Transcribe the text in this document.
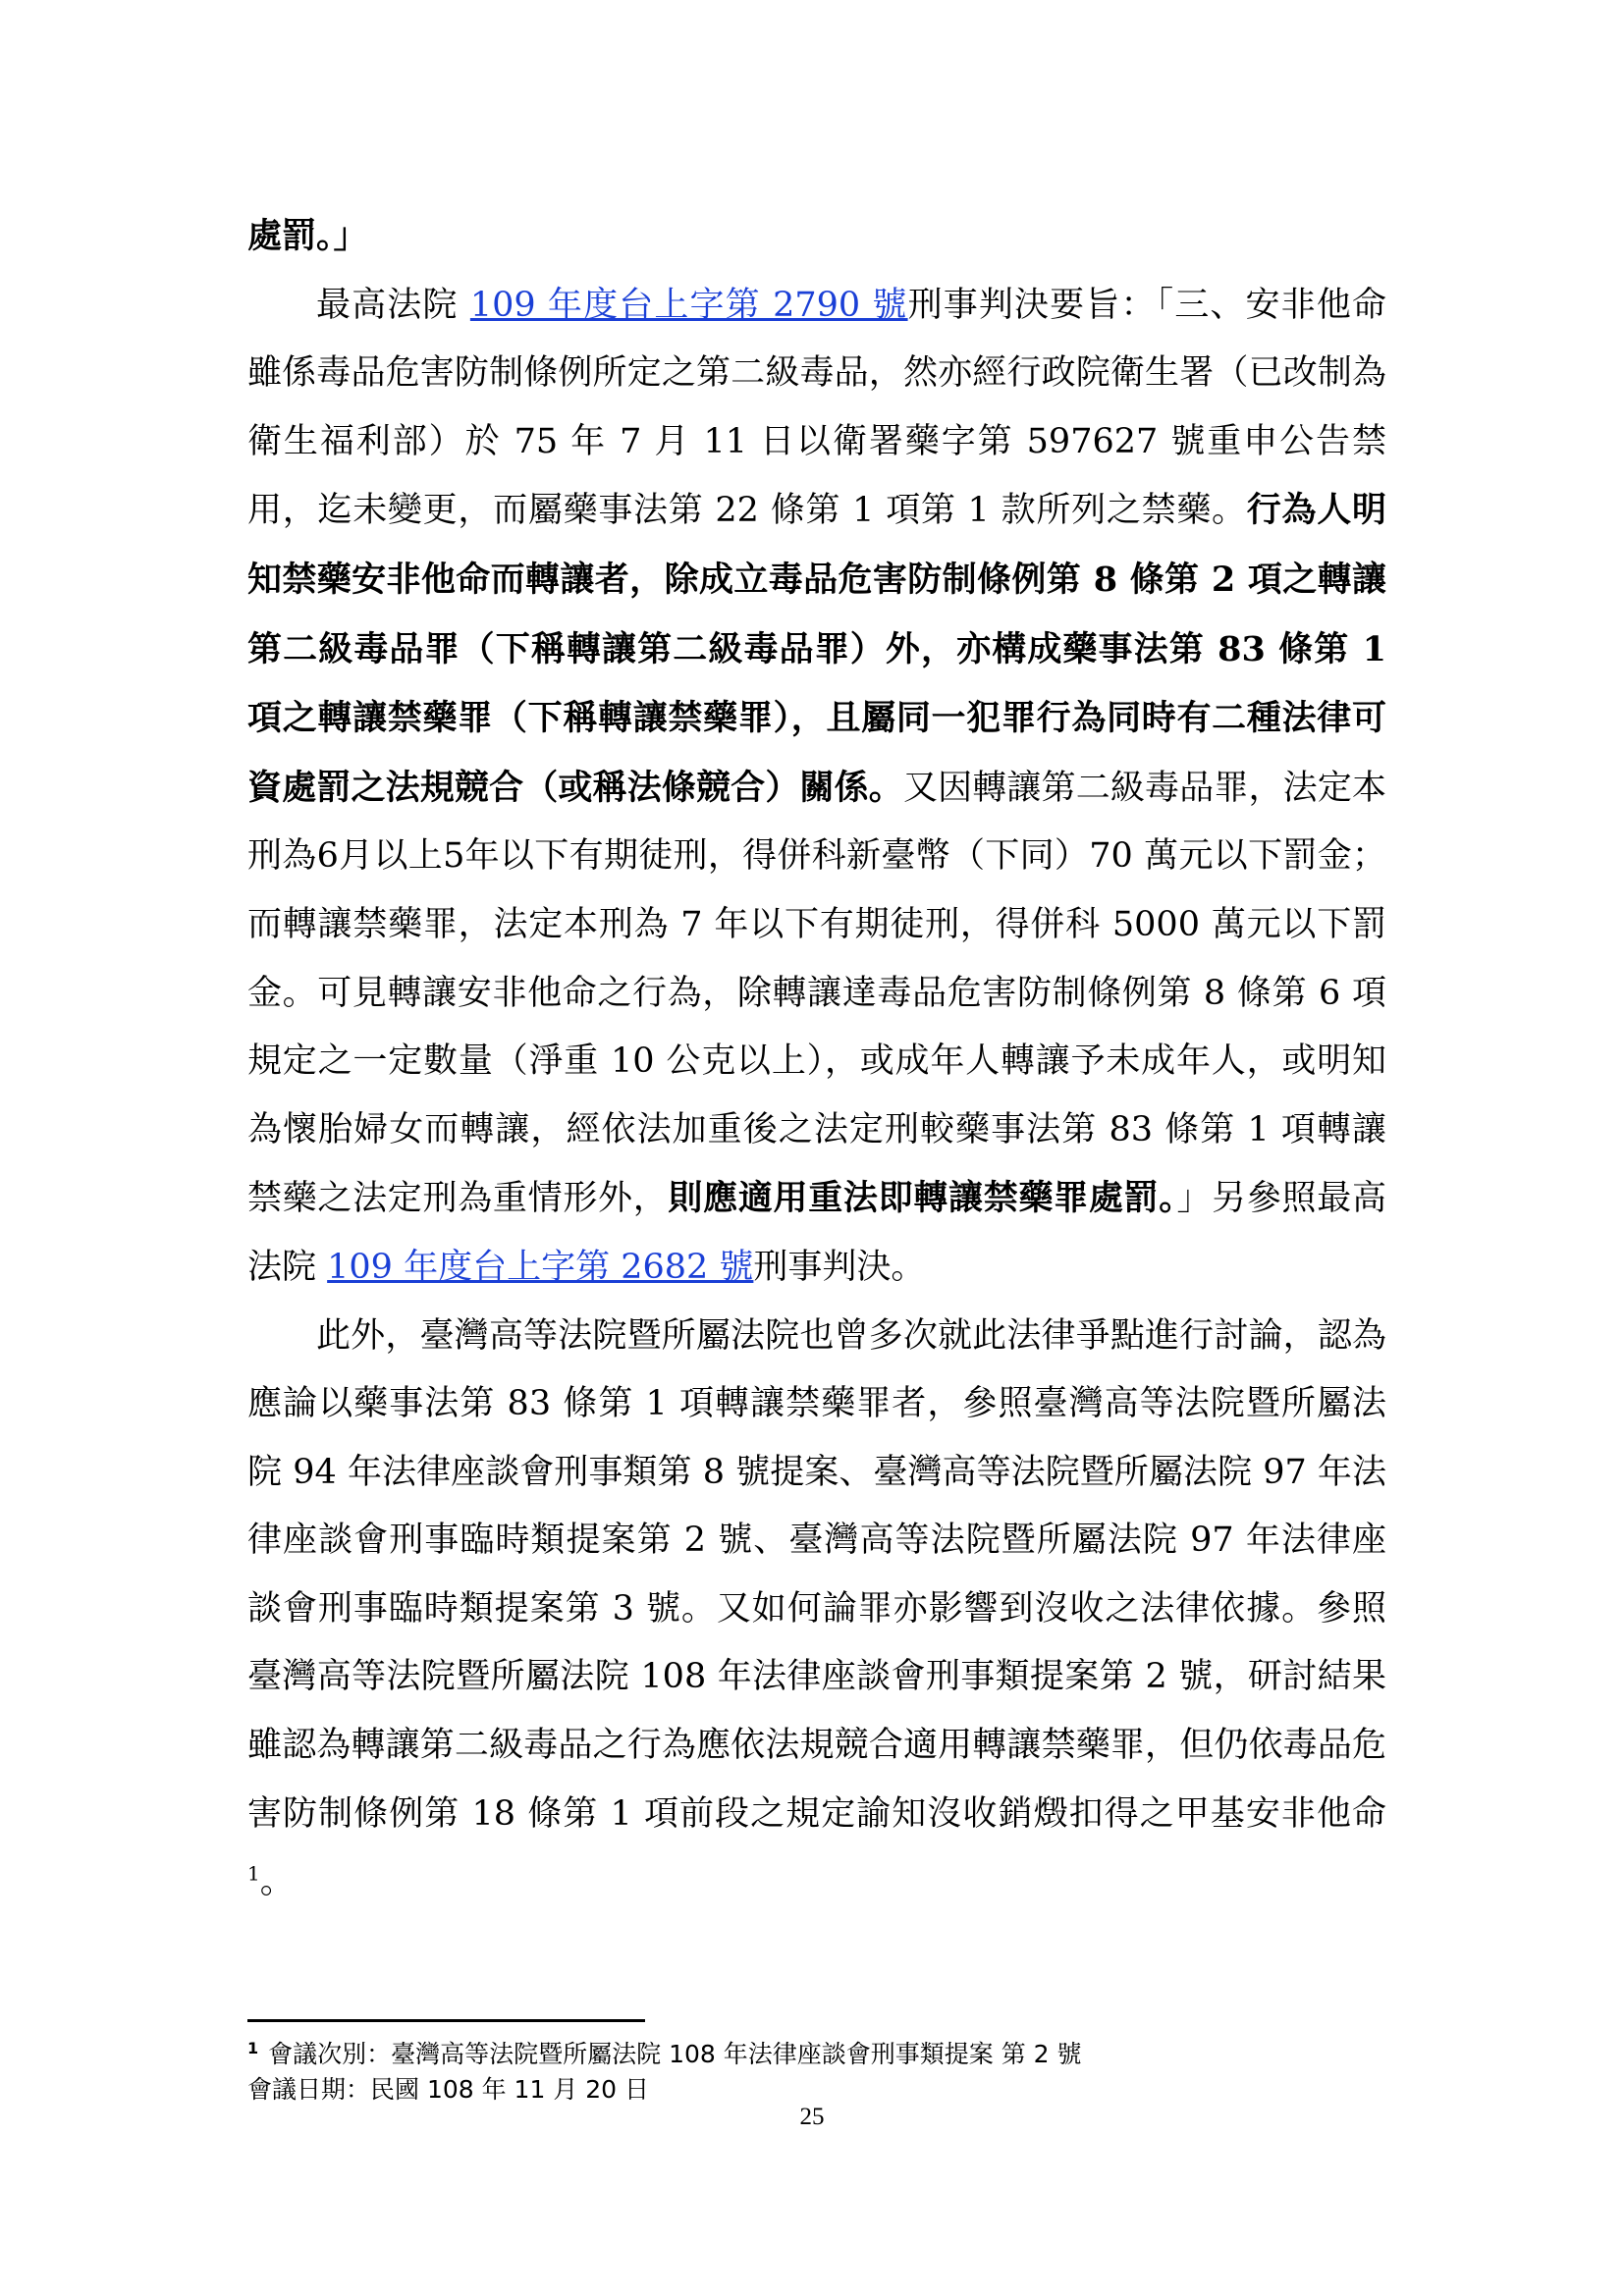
處罰。」

最高法院 109 年度台上字第 2790 號刑事判決要旨：「三、安非他命雖係毒品危害防制條例所定之第二級毒品，然亦經行政院衛生署（已改制為衛生福利部）於 75 年 7 月 11 日以衛署藥字第 597627 號重申公告禁用，迄未變更，而屬藥事法第 22 條第 1 項第 1 款所列之禁藥。行為人明知禁藥安非他命而轉讓者，除成立毒品危害防制條例第 8 條第 2 項之轉讓第二級毒品罪（下稱轉讓第二級毒品罪）外，亦構成藥事法第 83 條第 1 項之轉讓禁藥罪（下稱轉讓禁藥罪），且屬同一犯罪行為同時有二種法律可資處罰之法規競合（或稱法條競合）關係。又因轉讓第二級毒品罪，法定本刑為6月以上5年以下有期徒刑，得併科新臺幣（下同）70 萬元以下罰金；而轉讓禁藥罪，法定本刑為 7 年以下有期徒刑，得併科 5000 萬元以下罰金。可見轉讓安非他命之行為，除轉讓達毒品危害防制條例第 8 條第 6 項規定之一定數量（淨重 10 公克以上），或成年人轉讓予未成年人，或明知為懷胎婦女而轉讓，經依法加重後之法定刑較藥事法第 83 條第 1 項轉讓禁藥之法定刑為重情形外，則應適用重法即轉讓禁藥罪處罰。」另參照最高法院 109 年度台上字第 2682 號刑事判決。

此外，臺灣高等法院暨所屬法院也曾多次就此法律爭點進行討論，認為應論以藥事法第 83 條第 1 項轉讓禁藥罪者，參照臺灣高等法院暨所屬法院 94 年法律座談會刑事類第 8 號提案、臺灣高等法院暨所屬法院 97 年法律座談會刑事臨時類提案第 2 號、臺灣高等法院暨所屬法院 97 年法律座談會刑事臨時類提案第 3 號。又如何論罪亦影響到沒收之法律依據。參照臺灣高等法院暨所屬法院 108 年法律座談會刑事類提案第 2 號，研討結果雖認為轉讓第二級毒品之行為應依法規競合適用轉讓禁藥罪，但仍依毒品危害防制條例第 18 條第 1 項前段之規定諭知沒收銷燬扣得之甲基安非他命$^1$。

$^1$ 會議次別：臺灣高等法院暨所屬法院 108 年法律座談會刑事類提案 第 2 號
會議日期：民國 108 年 11 月 20 日
25
